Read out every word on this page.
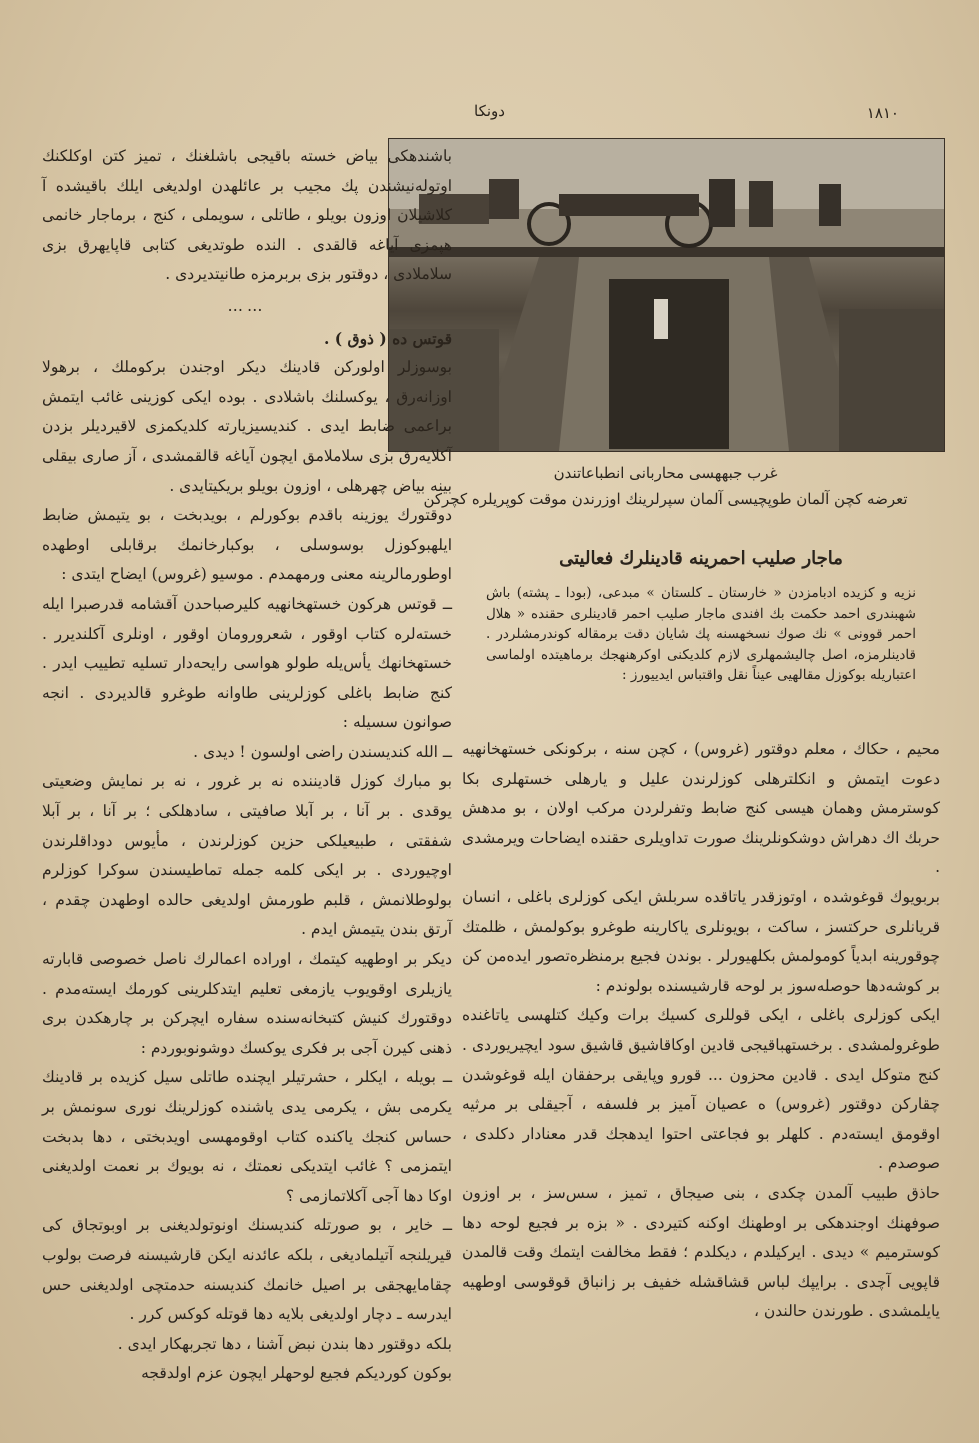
١٨١٠
دونكا
غرب جبههسی محاربانی انطباعاتندن
تعرضه کچن آلمان طوپچیسی آلمان سپرلرینك اوزرندن موقت کوپریلره کچرکن
ماجار صلیب احمرینه قادینلرك فعالیتی
نزیه و کزیده ادبامزدن « خارستان ـ کلستان » مبدعی، (بودا ـ پشته) باش شهبندری احمد حکمت بك افندی ماجار صلیب احمر قادینلری حقنده « هلال احمر قوونی » نك صوك نسخهسنه پك شایان دقت برمقاله کوندرمشلردر . قادینلرمزه، اصل چالیشمهلری لازم کلدیکنی اوکرهنهجك برماهیتده اولماسی اعتباریله بوکوزل مقالهیی عیناً نقل واقتباس ایدییورز :

باشندهکی بیاض خسته باقیجی باشلغنك ، تمیز کتن اوکلکنك اوتوله‌نیشندن پك مجیب بر عائلهدن اولدیغی ایلك باقیشده آ کلاشیلان اوزون بویلو ، طاتلی ، سویملی ، کنج ، برماجار خانمی هپمزی آیاغه قالقدی . النده طوتدیغی کتابی قاپایهرق بزی سلاملادی ، دوقتور بزی بربرمزه طانیتدیردی .

……

قوتس ده ( ذوق ) .

بوسوزلر اولورکن قادینك دیکر اوجندن برکوملك ، برهولا اوزانه‌رق ، یوکسلنك باشلادی . بوده ایکی کوزینی غائب ایتمش براعمی ضابط ایدی . کندیسیزیارته کلدیکمزی لاقیردیلر بزدن آکلایه‌رق بزی سلاملامق ایچون آیاغه قالقمشدی ، آز صاری بیقلی بینه بیاض چهرهلی ، اوزون بویلو بریکیتایدی .

دوقتورك یوزینه باقدم بوکورلم ، بویدبخت ، بو یتیمش ضابط ایلهبوکوزل بوسوسلی ، بوکبارخانمك برقابلی اوطهده اوطورمالرینه معنی ورمهمدم . موسیو (غروس) ایضاح ایتدی :

ــ قوتس هرکون خستهخانهیه کلیرصباحدن آقشامه قدرصبرا ایله خسته‌لره کتاب اوقور ، شعرورومان اوقور ، اونلری آکلندیرر . خستهخانهك یأس‌یله طولو هواسی رایحه‌دار تسلیه تطییب ایدر . کنج ضابط باغلی کوزلرینی طاوانه طوغرو قالدیردی . انجه صوانون سسیله :

ــ الله کندیسندن راضی اولسون ! دیدی .

بو مبارك کوزل قادیننده نه بر غرور ، نه بر نمایش وضعیتی یوقدی . بر آنا ، بر آبلا صافیتی ، سادهلکی ؛ بر آنا ، بر آبلا شفقتی ، طبیعیلکی حزین کوزلرندن ، مأیوس دوداقلرندن اوچیوردی . بر ایکی کلمه جمله تماطیسندن سوکرا کوزلرم بولوطلانمش ، قلبم طورمش اولدیغی حالده اوطهدن چقدم ، آرتق بندن یتیمش ایدم .

دیکر بر اوطهیه کیتمك ، اوراده اعمالرك ناصل خصوصی قابارته یازیلری اوقویوب یازمغی تعلیم ایتدکلرینی کورمك ایسته‌مدم . دوقتورك کنیش کتبخانه‌سنده سفاره ایچرکن بر چارهکدن بری ذهنی کیرن آجی بر فکری یوکسك دوشونوبوردم :

ــ بویله ، ایکلر ، حشرتیلر ایچنده طاتلی سیل کزیده بر قادینك یکرمی بش ، یکرمی یدی یاشنده کوزلرینك نوری سونمش بر حساس کنجك یاکنده کتاب اوقومهسی اویدبختی ، دها بدبخت ایتمزمی ؟ غائب ایتدیکی نعمتك ، نه بویوك بر نعمت اولدیغنی اوکا دها آجی آکلاتمازمی ؟

ــ خایر ، بو صورتله کندیسنك اونوتولدیغنی بر اوبوتجاق کی قیریلنجه آتیلمادیغی ، بلکه عائدنه ایکن قارشیسنه فرصت بولوب چقامایهجقی بر اصیل خانمك کندیسنه حدمتچی اولدیغنی حس ایدرسه ـ دچار اولدیغی بلایه دها قوتله کوکس کرر .

بلکه دوقتور دها بندن نبض آشنا ، دها تجربهکار ایدی .

بوکون کوردیکم فجیع لوحهلر ایچون عزم اولدقجه

محیم ، حکاك ، معلم دوقتور (غروس) ، کچن سنه ، برکونکی خستهخانهیه دعوت ایتمش و انکلترهلی کوزلرندن علیل و یارهلی خستهلری بکا کوسترمش وهمان هیسی کنج ضابط وتفرلردن مرکب اولان ، بو مدهش حربك اك دهراش دوشکونلرینك صورت تداویلری حقنده ایضاحات ویرمشدی .

بربویوك قوغوشده ، اوتوزقدر یاتاقده سربلش ایکی کوزلری باغلی ، انسان قریانلری حرکتسز ، ساکت ، بویونلری یاکارینه طوغرو بوکولمش ، ظلمتك چوقورینه ابدیاً کومولمش بکلهیورلر . بوندن فجیع برمنظره‌تصور ایده‌من کن بر کوشه‌دها حوصله‌سوز بر لوحه قارشیسنده بولوندم :

ایکی کوزلری باغلی ، ایکی قوللری کسیك برات وکیك کتلهسی یاتاغنده طوغرولمشدی . برخستهباقیجی قادین اوکاقاشیق قاشیق سود ایچیریوردی . کنج متوکل ایدی . قادین محزون ... قورو وپایقی برحفقان ایله قوغوشدن چقارکن دوقتور (غروس) ه عصیان آمیز بر فلسفه ، آجیقلی بر مرثیه اوقومق ایسته‌دم . کلهلر بو فجاعتی احتوا ایدهجك قدر معنادار دکلدی ، صوصدم .

حاذق طبیب آلمدن چکدی ، بنی صیجاق ، تمیز ، سس‌سز ، بر اوزون صوفهنك اوجندهکی بر اوطهنك اوکنه کتیردی . « بزه بر فجیع لوحه دها کوسترمیم » دیدی . ایرکیلدم ، دیکلدم ؛ فقط مخالفت ایتمك وقت قالمدن قاپویی آچدی . برایپك لباس قشاقشله خفیف بر زانباق قوقوسی اوطهیه یایلمشدی . طورندن حالندن ،
